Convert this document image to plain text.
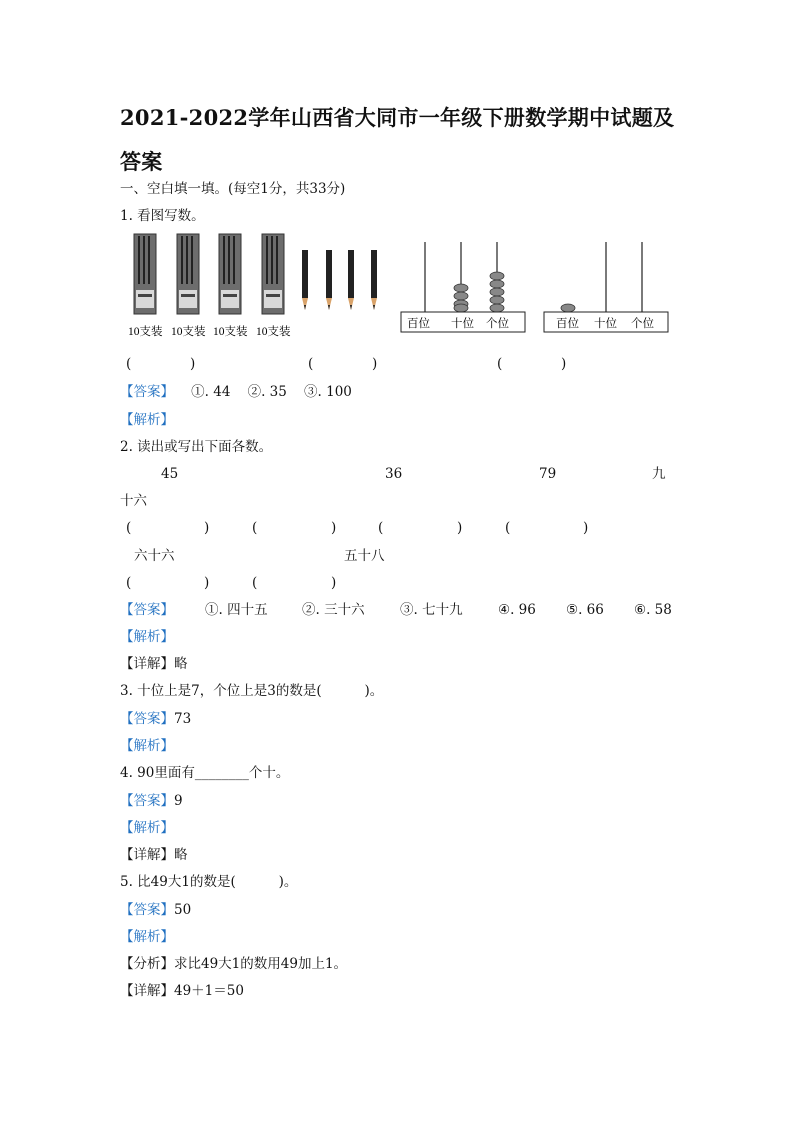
2021-2022学年山西省大同市一年级下册数学期中试题及答案
一、空白填一填。(每空1分，共33分)
1. 看图写数。
10支装 10支装 10支装 10支装
百位 十位 个位	百位 十位 个位
(	)	(	)	(	)
【答案】 ①. 44    ②. 35    ③. 100
【解析】
2. 读出或写出下面各数。
45	36	79	九
十六
(	)	(	)	(	)	(	)
六十六	五十八
(	)	(	)
【答案】 ①. 四十五	②. 三十六	③. 七十九	④. 96 ⑤. 66 ⑥. 58
【解析】
【详解】略
3. 十位上是7，个位上是3的数是(          )。
【答案】73
【解析】
4. 90里面有________个十。
【答案】9
【解析】
【详解】略
5. 比49大1的数是(          )。
【答案】50
【解析】
【分析】求比49大1的数用49加上1。
【详解】49＋1＝50
